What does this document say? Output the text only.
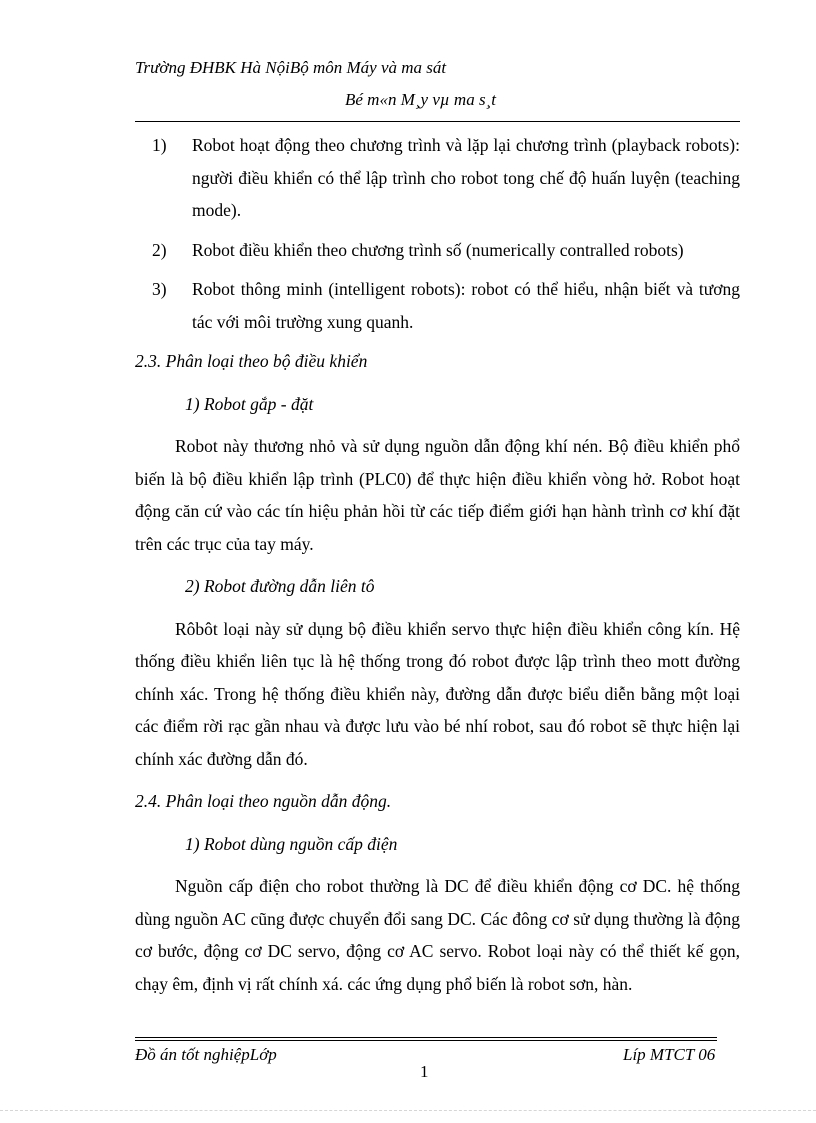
Trường ĐHBK Hà NộiBộ môn Máy và ma sát
Bé m«n M¸y vµ ma s¸t
1)	Robot hoạt động theo chương trình và lặp lại chương trình (playback robots): người điều khiển có thể lập trình cho robot tong chế độ huấn luyện (teaching mode).
2)	Robot điều khiển theo chương trình số (numerically contralled robots)
3)	Robot thông minh (intelligent robots): robot có thể hiểu, nhận biết và tương tác với môi trường xung quanh.
2.3. Phân loại theo bộ điều khiển
1) Robot gắp - đặt
Robot này thương nhỏ và sử dụng nguồn dẫn động khí nén. Bộ điều khiển phổ biến là bộ điều khiển lập trình (PLC0) để thực hiện điều khiển vòng hở. Robot hoạt động căn cứ vào các tín hiệu phản hồi từ các tiếp điểm giới hạn hành trình cơ khí đặt trên các trục của tay máy.
2) Robot đường dẫn liên tô
Rôbôt loại này sử dụng bộ điều khiển servo thực hiện điều khiển công kín. Hệ thống điều khiển liên tục là hệ thống trong đó robot được lập trình theo mott đường chính xác. Trong hệ thống điều khiển này, đường dẫn được biểu diễn bằng một loại các điểm rời rạc gần nhau và được lưu vào bé nhí robot, sau đó robot sẽ thực hiện lại chính xác đường dẫn đó.
2.4. Phân loại theo nguồn dẫn động.
1) Robot dùng nguồn cấp điện
Nguồn cấp điện cho robot thường là DC để điều khiển động cơ DC. hệ thống dùng nguồn AC cũng được chuyển đổi sang DC. Các đông cơ sử dụng thường là động cơ bước, động cơ DC servo, động cơ AC servo. Robot loại này có thể thiết kế gọn, chạy êm, định vị rất chính xá. các ứng dụng phổ biến là robot sơn, hàn.
Đồ án tốt nghiệpLớp	Líp MTCT 06
1
